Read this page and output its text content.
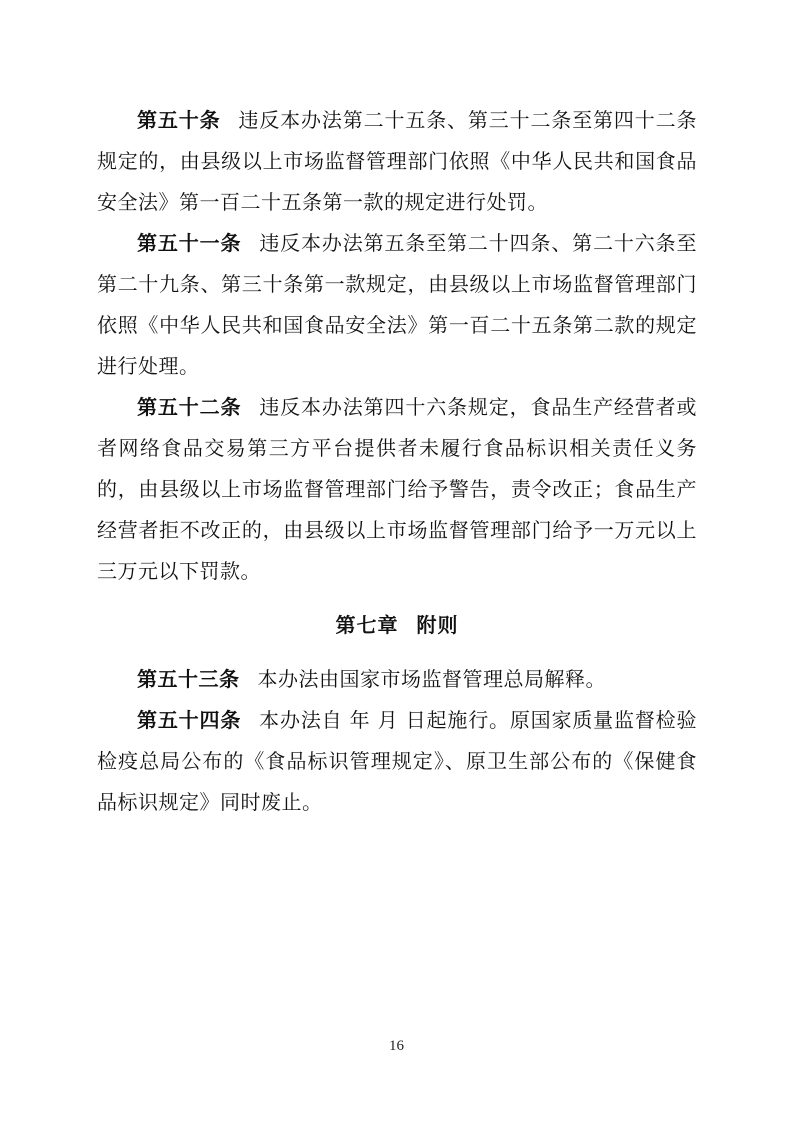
第五十条 违反本办法第二十五条、第三十二条至第四十二条规定的，由县级以上市场监督管理部门依照《中华人民共和国食品安全法》第一百二十五条第一款的规定进行处罚。

第五十一条 违反本办法第五条至第二十四条、第二十六条至第二十九条、第三十条第一款规定，由县级以上市场监督管理部门依照《中华人民共和国食品安全法》第一百二十五条第二款的规定进行处理。

第五十二条 违反本办法第四十六条规定，食品生产经营者或者网络食品交易第三方平台提供者未履行食品标识相关责任义务的，由县级以上市场监督管理部门给予警告，责令改正；食品生产经营者拒不改正的，由县级以上市场监督管理部门给予一万元以上三万元以下罚款。

第七章 附则

第五十三条 本办法由国家市场监督管理总局解释。

第五十四条 本办法自 年 月 日起施行。原国家质量监督检验检疫总局公布的《食品标识管理规定》、原卫生部公布的《保健食品标识规定》同时废止。

16
